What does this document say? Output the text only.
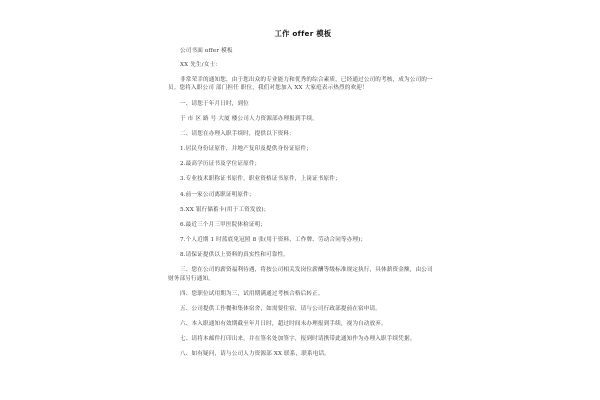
工作 offer 模板
公司书面 offer 模板
XX 先生/女士：
非常荣幸的通知您，由于您出众的专业能力和优秀的综合素质，已经通过公司的考核，成为公司的一员。您将入职公司 部门担任 职位，我们对您加入 XX 大家庭表示热烈的欢迎！
一、请您于年月日时，到位
于 市 区 路 号 大厦 楼公司人力资源部办理报到手续。
二、请您在办理入职手续时，提供以下资料：
1.居民身份证原件，并地产复印及提供身份证原件；
2.最高学历证书及学位证原件；
3.专业技术职称证书原件，职业资格证书原件，上岗证书原件；
4.前一家公司离职证明原件；
5.XX 银行储蓄卡(用于工资发放)；
6.最近三个月三甲医院体检证明；
7.个人近期 1 时蓝底免冠照 8 张(用于资料、工作牌、劳动合同等办理)；
8.请保证提供以上资料的真实性和可靠性。
三、您在公司的薪资福利待遇，将按公司相关发岗位薪酬等级标准规定执行，具体薪资金额，由公司财务部另行通知。
四、您职位试用期为三，试用期满通过考核合格后转正。
五、公司提供工作餐和集体宿舍，如需要住宿，请与公司行政部提前在宿申请。
六、本入职通知有效期截至年月日时，超过时间未办理报到手续，视为自动放弃。
七、请将本邮件打印出来，并在签名处加签字，报到时请携带此通知作为办理入职手续凭据。
八、如有疑问，请与公司人力资源部 XX 联系，联系电话。
